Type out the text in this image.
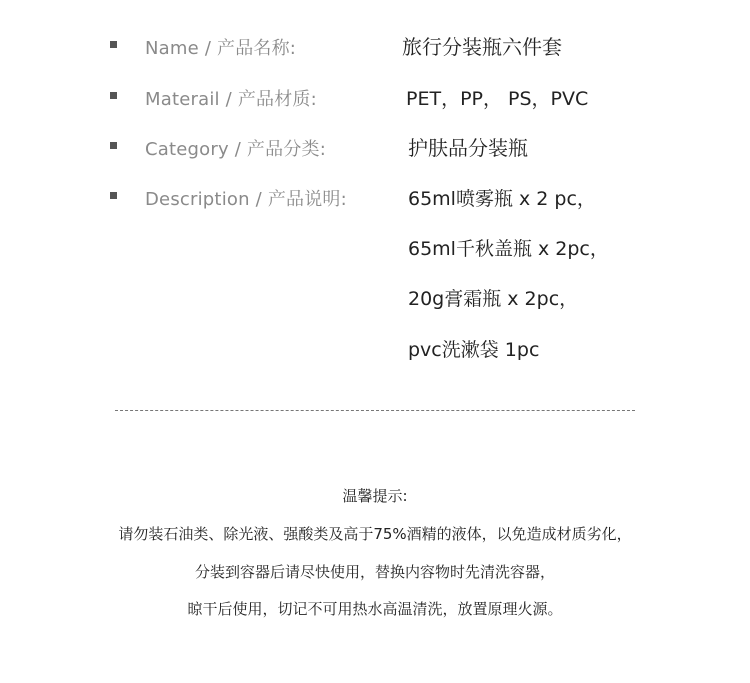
Name / 产品名称:	旅行分装瓶六件套
Materail / 产品材质:	PET，PP， PS，PVC
Category / 产品分类:	护肤品分装瓶
Description / 产品说明:	65ml喷雾瓶 x 2 pc，
65ml千秋盖瓶 x 2pc，
20g膏霜瓶 x 2pc，
pvc洗漱袋 1pc
温馨提示:
请勿装石油类、除光液、强酸类及高于75%酒精的液体，以免造成材质劣化，
分装到容器后请尽快使用，替换内容物时先清洗容器，
晾干后使用，切记不可用热水高温清洗，放置原理火源。
